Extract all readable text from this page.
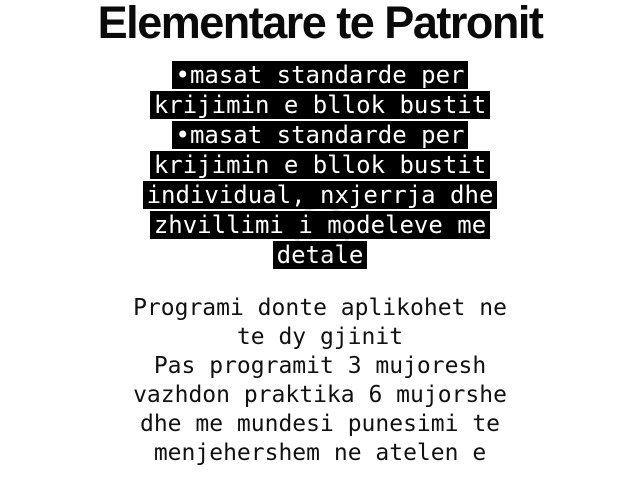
Elementare te Patronit
•masat standarde per
krijimin e bllok bustit
•masat standarde per
krijimin e bllok bustit
individual, nxjerrja dhe
zhvillimi i modeleve me
detale
Programi donte aplikohet ne
te dy gjinit
Pas programit 3 mujoresh
vazhdon praktika 6 mujorshe
dhe me mundesi punesimi te
menjehershem ne atelen e
